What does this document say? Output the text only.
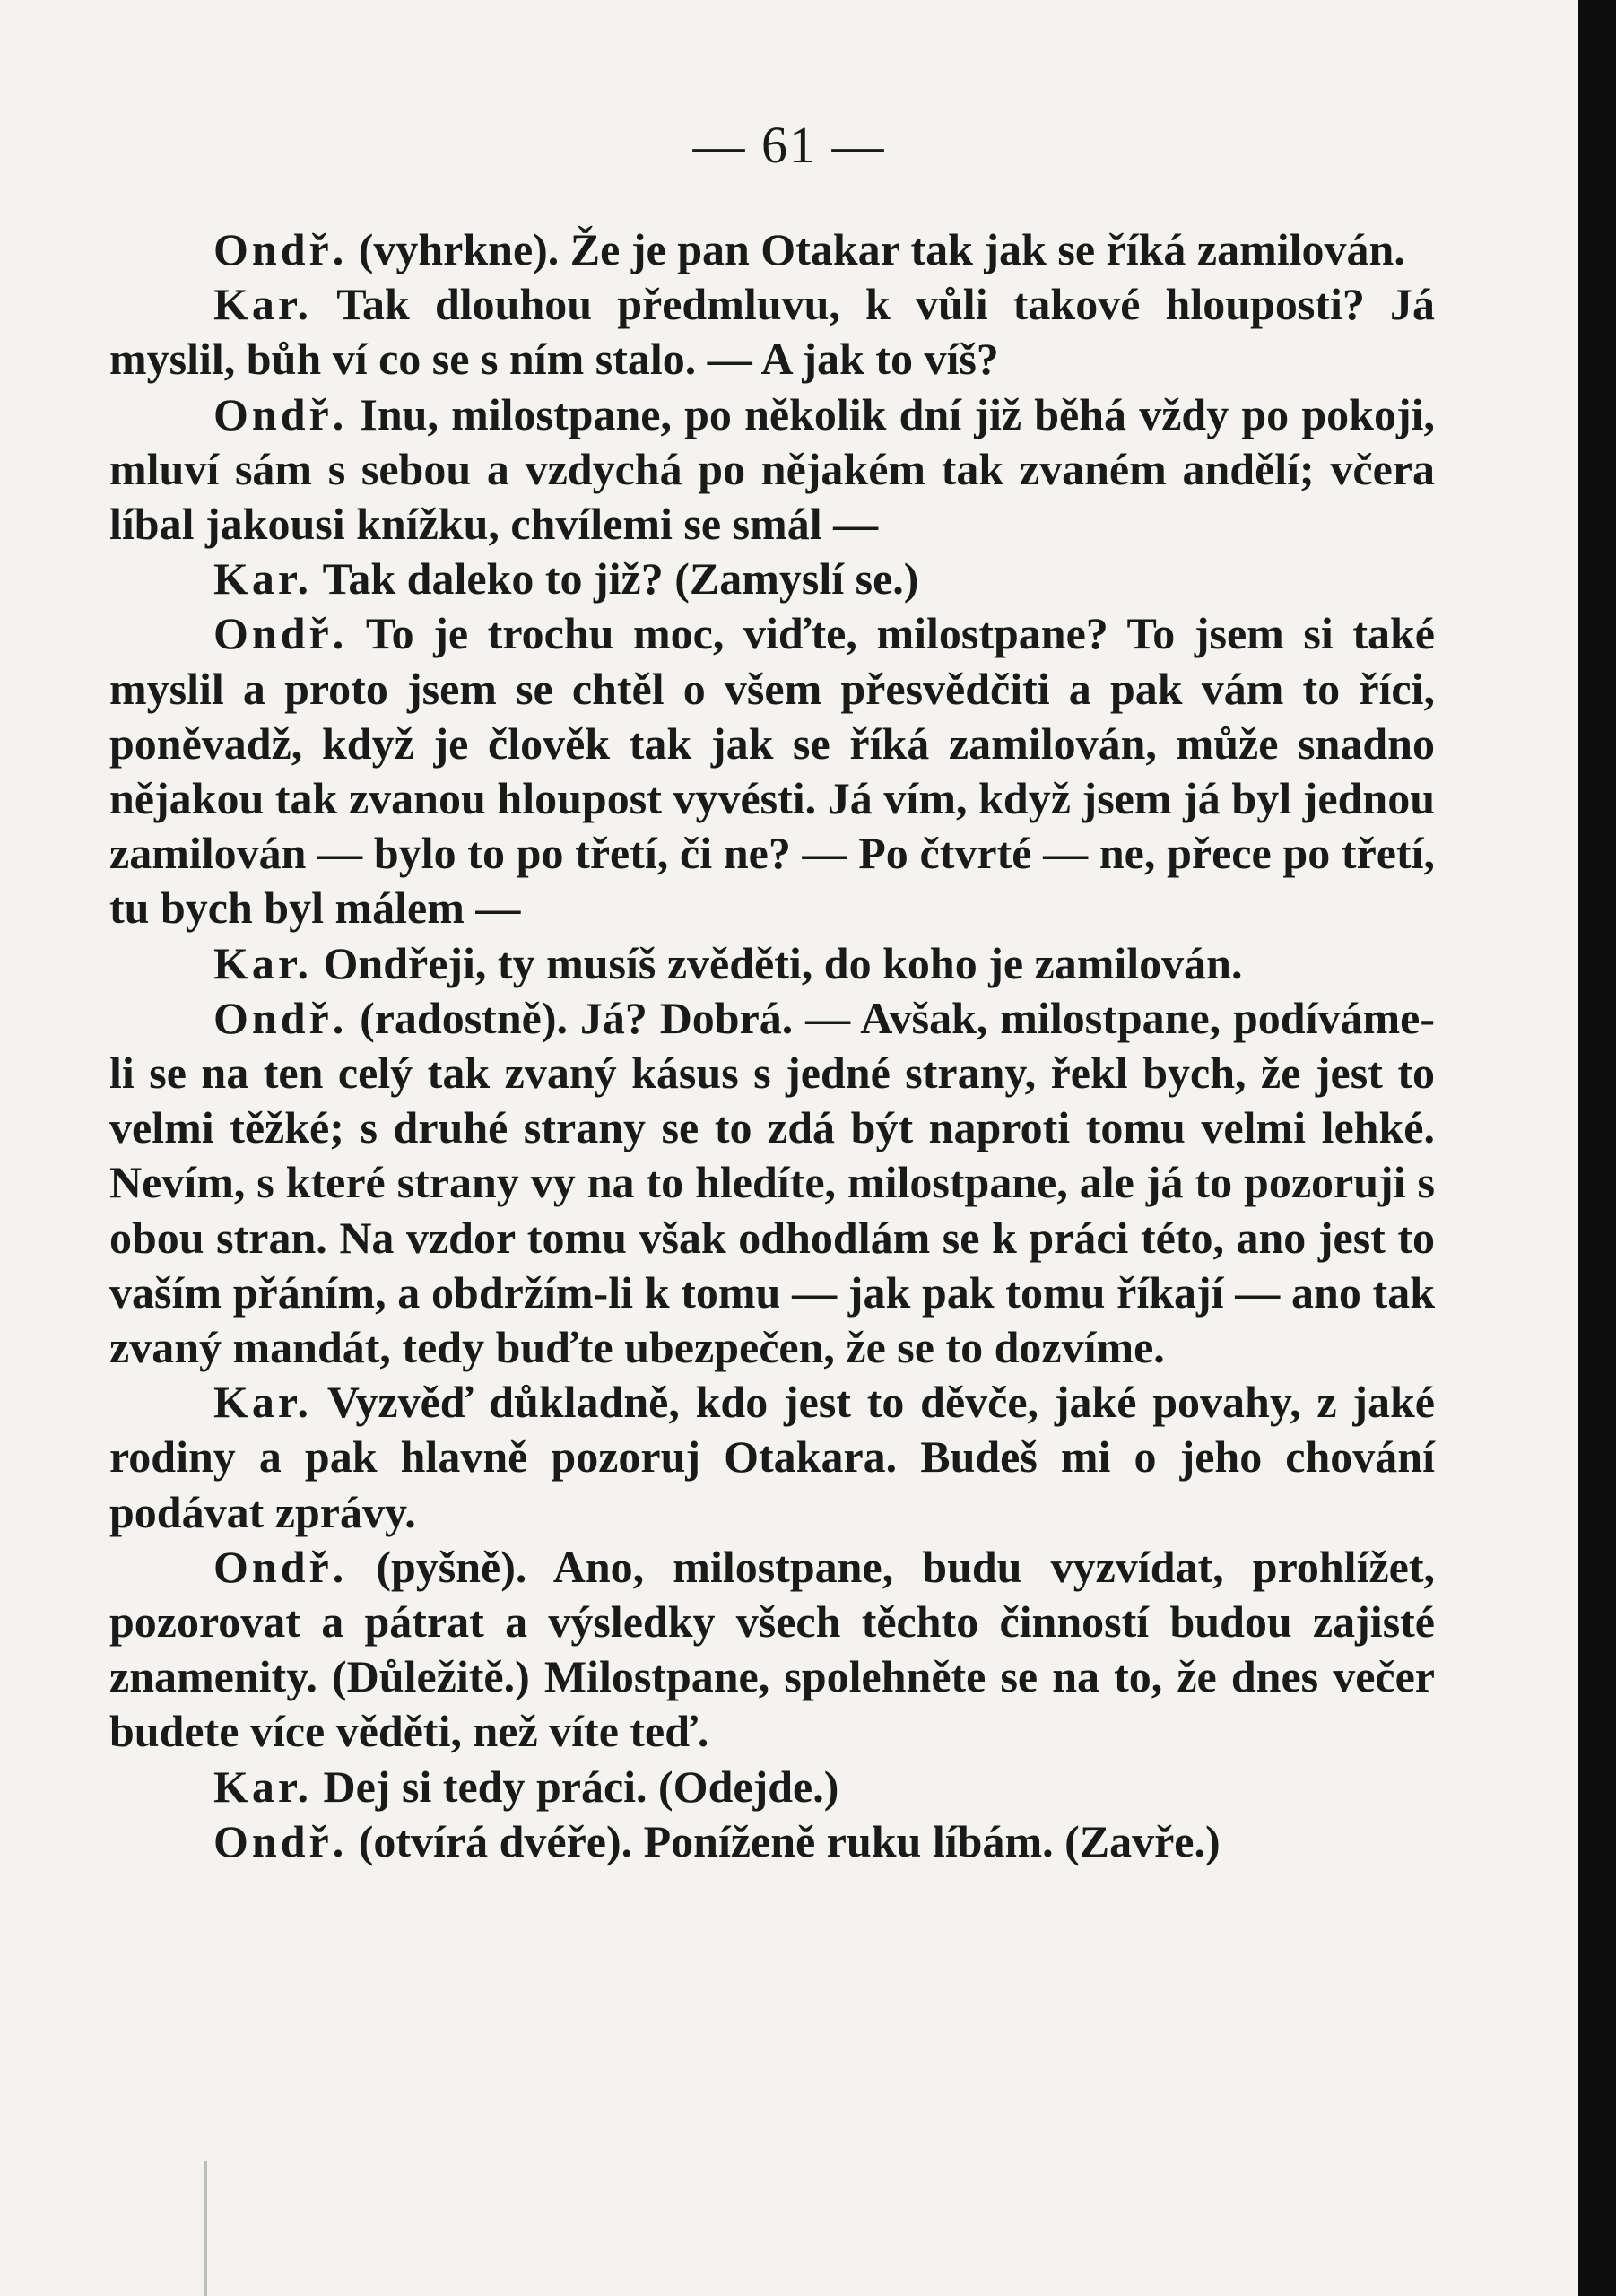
— 61 —

Ondř. (vyhrkne). Že je pan Otakar tak jak se říká zamilován.

Kar. Tak dlouhou předmluvu, k vůli takové hlouposti? Já myslil, bůh ví co se s ním stalo. — A jak to víš?

Ondř. Inu, milostpane, po několik dní již běhá vždy po pokoji, mluví sám s sebou a vzdychá po nějakém tak zvaném andělí; včera líbal jakousi knížku, chvílemi se smál —

Kar. Tak daleko to již? (Zamyslí se.)

Ondř. To je trochu moc, viďte, milostpane? To jsem si také myslil a proto jsem se chtěl o všem přesvědčiti a pak vám to říci, poněvadž, když je člověk tak jak se říká zamilován, může snadno nějakou tak zvanou hloupost vyvésti. Já vím, když jsem já byl jednou zamilován — bylo to po třetí, či ne? — Po čtvrté — ne, přece po třetí, tu bych byl málem —

Kar. Ondřeji, ty musíš zvěděti, do koho je zamilován.

Ondř. (radostně). Já? Dobrá. — Avšak, milostpane, podíváme-li se na ten celý tak zvaný kásus s jedné strany, řekl bych, že jest to velmi těžké; s druhé strany se to zdá být naproti tomu velmi lehké. Nevím, s které strany vy na to hledíte, milostpane, ale já to pozoruji s obou stran. Na vzdor tomu však odhodlám se k práci této, ano jest to vaším přáním, a obdržím-li k tomu — jak pak tomu říkají — ano tak zvaný mandát, tedy buďte ubezpečen, že se to dozvíme.

Kar. Vyzvěď důkladně, kdo jest to děvče, jaké povahy, z jaké rodiny a pak hlavně pozoruj Otakara. Budeš mi o jeho chování podávat zprávy.

Ondř. (pyšně). Ano, milostpane, budu vyzvídat, prohlížet, pozorovat a pátrat a výsledky všech těchto činností budou zajisté znamenity. (Důležitě.) Milostpane, spolehněte se na to, že dnes večer budete více věděti, než víte teď.

Kar. Dej si tedy práci. (Odejde.)

Ondř. (otvírá dvéře). Poníženě ruku líbám. (Zavře.)
